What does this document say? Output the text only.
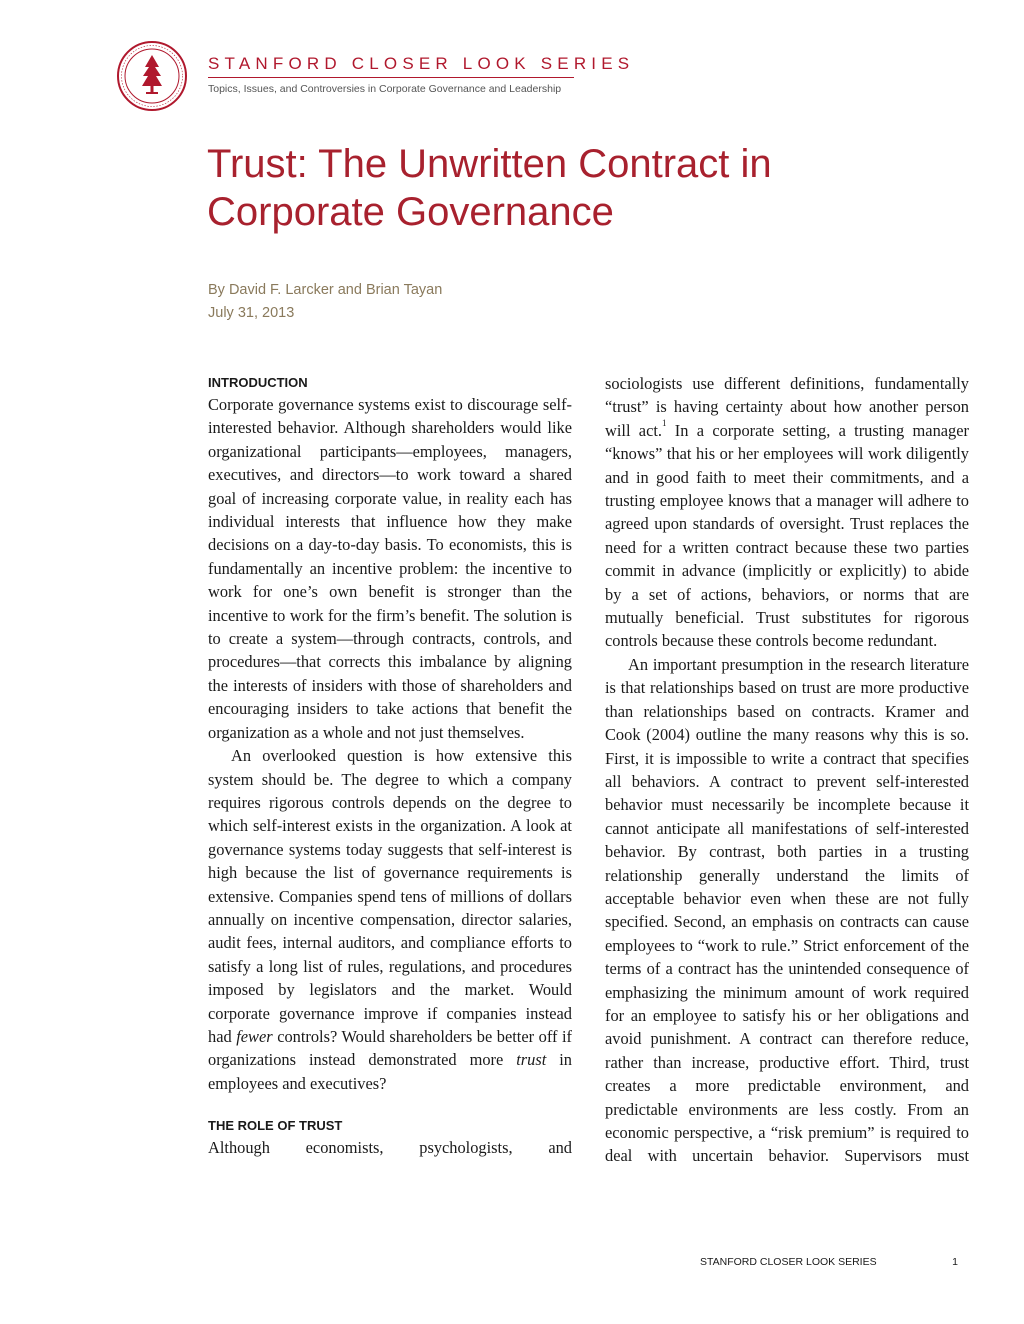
STANFORD CLOSER LOOK SERIES
Topics, Issues, and Controversies in Corporate Governance and Leadership
Trust: The Unwritten Contract in
Corporate Governance
By David F. Larcker and Brian Tayan
July 31, 2013
INTRODUCTION

Corporate governance systems exist to discourage self-interested behavior. Although shareholders would like organizational participants—employees, managers, executives, and directors—to work toward a shared goal of increasing corporate value, in reality each has individual interests that influence how they make decisions on a day-to-day basis. To economists, this is fundamentally an incentive problem: the incentive to work for one’s own benefit is stronger than the incentive to work for the firm’s benefit. The solution is to create a system—through contracts, controls, and procedures—that corrects this imbalance by aligning the interests of insiders with those of shareholders and encouraging insiders to take actions that benefit the organization as a whole and not just themselves.

An overlooked question is how extensive this system should be. The degree to which a company requires rigorous controls depends on the degree to which self-interest exists in the organization. A look at governance systems today suggests that self-interest is high because the list of governance requirements is extensive. Companies spend tens of millions of dollars annually on incentive compensation, director salaries, audit fees, internal auditors, and compliance efforts to satisfy a long list of rules, regulations, and procedures imposed by legislators and the market. Would corporate governance improve if companies instead had fewer controls? Would shareholders be better off if organizations instead demonstrated more trust in employees and executives?

THE ROLE OF TRUST

Although economists, psychologists, and

sociologists use different definitions, fundamentally “trust” is having certainty about how another person will act.$^1$ In a corporate setting, a trusting manager “knows” that his or her employees will work diligently and in good faith to meet their commitments, and a trusting employee knows that a manager will adhere to agreed upon standards of oversight. Trust replaces the need for a written contract because these two parties commit in advance (implicitly or explicitly) to abide by a set of actions, behaviors, or norms that are mutually beneficial. Trust substitutes for rigorous controls because these controls become redundant.

An important presumption in the research literature is that relationships based on trust are more productive than relationships based on contracts. Kramer and Cook (2004) outline the many reasons why this is so. First, it is impossible to write a contract that specifies all behaviors. A contract to prevent self-interested behavior must necessarily be incomplete because it cannot anticipate all manifestations of self-interested behavior. By contrast, both parties in a trusting relationship generally understand the limits of acceptable behavior even when these are not fully specified. Second, an emphasis on contracts can cause employees to “work to rule.” Strict enforcement of the terms of a contract has the unintended consequence of emphasizing the minimum amount of work required for an employee to satisfy his or her obligations and avoid punishment. A contract can therefore reduce, rather than increase, productive effort. Third, trust creates a more predictable environment, and predictable environments are less costly. From an economic perspective, a “risk premium” is required to deal with uncertain behavior. Supervisors must

STANFORD CLOSER LOOK SERIES	1
